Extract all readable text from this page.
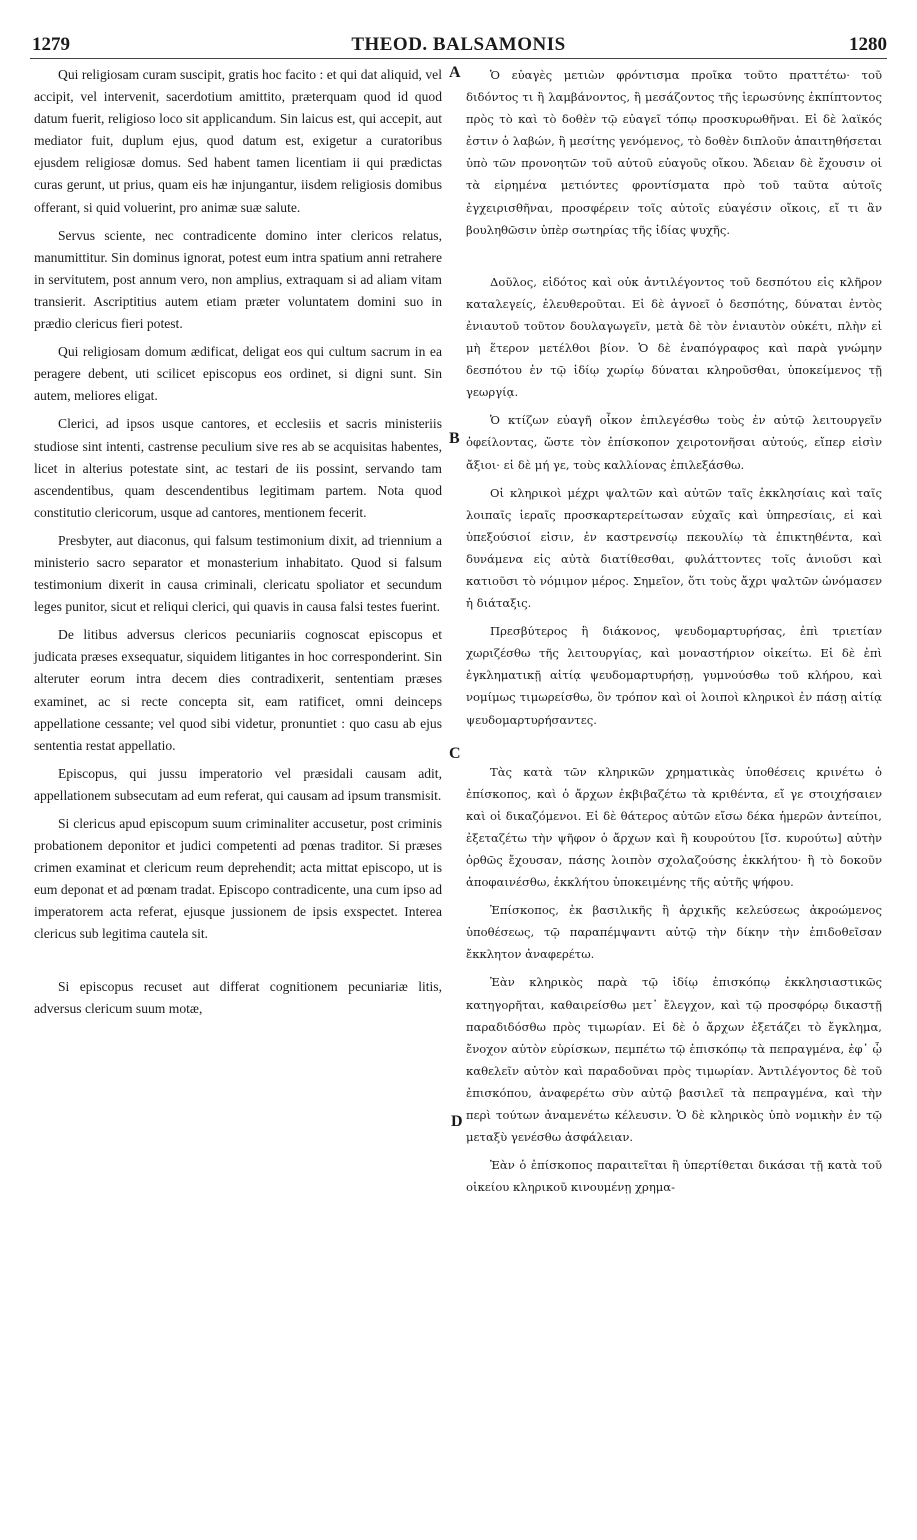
1279	THEOD. BALSAMONIS	1280
A
B
C
D

Qui religiosam curam suscipit, gratis hoc facito : et qui dat aliquid, vel accipit, vel intervenit, sacerdotium amittito, præterquam quod id quod datum fuerit, religioso loco sit applicandum. Sin laicus est, qui accepit, aut mediator fuit, duplum ejus, quod datum est, exigetur a curatoribus ejusdem religiosæ domus. Sed habent tamen licentiam ii qui prædictas curas gerunt, ut prius, quam eis hæ injungantur, iisdem religiosis domibus offerant, si quid voluerint, pro animæ suæ salute.

Servus sciente, nec contradicente domino inter clericos relatus, manumittitur. Sin dominus ignorat, potest eum intra spatium anni retrahere in servitutem, post annum vero, non amplius, extraquam si ad aliam vitam transierit. Ascriptitius autem etiam præter voluntatem domini suo in prædio clericus fieri potest.

Qui religiosam domum ædificat, deligat eos qui cultum sacrum in ea peragere debent, uti scilicet episcopus eos ordinet, si digni sunt. Sin autem, meliores eligat.

Clerici, ad ipsos usque cantores, et ecclesiis et sacris ministeriis studiose sint intenti, castrense peculium sive res ab se acquisitas habentes, licet in alterius potestate sint, ac testari de iis possint, servando tam ascendentibus, quam descendentibus legitimam partem. Nota quod constitutio clericorum, usque ad cantores, mentionem fecerit.

Presbyter, aut diaconus, qui falsum testimonium dixit, ad triennium a ministerio sacro separator et monasterium inhabitato. Quod si falsum testimonium dixerit in causa criminali, clericatu spoliator et secundum leges punitor, sicut et reliqui clerici, qui quavis in causa falsi testes fuerint.

De litibus adversus clericos pecuniariis cognoscat episcopus et judicata præses exsequatur, siquidem litigantes in hoc corresponderint. Sin alteruter eorum intra decem dies contradixerit, sententiam præses examinet, ac si recte concepta sit, eam ratificet, omni deinceps appellatione cessante; vel quod sibi videtur, pronuntiet : quo casu ab ejus sententia restat appellatio.

Episcopus, qui jussu imperatorio vel præsidali causam adit, appellationem subsecutam ad eum referat, qui causam ad ipsum transmisit.

Si clericus apud episcopum suum criminaliter accusetur, post criminis probationem deponitor et judici competenti ad pœnas traditor. Si præses crimen examinat et clericum reum deprehendit; acta mittat episcopo, ut is eum deponat et ad pœnam tradat. Episcopo contradicente, una cum ipso ad imperatorem acta referat, ejusque jussionem de ipsis exspectet. Interea clericus sub legitima cautela sit.

Si episcopus recuset aut differat cognitionem pecuniariæ litis, adversus clericum suum motæ,

Ὁ εὐαγὲς μετιὼν φρόντισμα προῖκα τοῦτο πραττέτω· τοῦ διδόντος τι ἢ λαμβάνοντος, ἢ μεσάζοντος τῆς ἱερωσύνης ἐκπίπτοντος πρὸς τὸ καὶ τὸ δοθὲν τῷ εὐαγεῖ τόπῳ προσκυρωθῆναι. Εἰ δὲ λαϊκός ἐστιν ὁ λαβών, ἢ μεσίτης γενόμενος, τὸ δοθὲν διπλοῦν ἀπαιτηθήσεται ὑπὸ τῶν προνοητῶν τοῦ αὐτοῦ εὐαγοῦς οἴκου. Ἄδειαν δὲ ἔχουσιν οἱ τὰ εἰρημένα μετιόντες φροντίσματα πρὸ τοῦ ταῦτα αὐτοῖς ἐγχειρισθῆναι, προσφέρειν τοῖς αὐτοῖς εὐαγέσιν οἴκοις, εἴ τι ἂν βουληθῶσιν ὑπὲρ σωτηρίας τῆς ἰδίας ψυχῆς.

Δοῦλος, εἰδότος καὶ οὐκ ἀντιλέγοντος τοῦ δεσπότου εἰς κλῆρον καταλεγείς, ἐλευθεροῦται. Εἰ δὲ ἀγνοεῖ ὁ δεσπότης, δύναται ἐντὸς ἐνιαυτοῦ τοῦτον δουλαγωγεῖν, μετὰ δὲ τὸν ἐνιαυτὸν οὐκέτι, πλὴν εἰ μὴ ἕτερον μετέλθοι βίον. Ὁ δὲ ἐναπόγραφος καὶ παρὰ γνώμην δεσπότου ἐν τῷ ἰδίῳ χωρίῳ δύναται κληροῦσθαι, ὑποκείμενος τῇ γεωργίᾳ.

Ὁ κτίζων εὐαγῆ οἶκον ἐπιλεγέσθω τοὺς ἐν αὐτῷ λειτουργεῖν ὀφείλοντας, ὥστε τὸν ἐπίσκοπον χειροτονῆσαι αὐτούς, εἴπερ εἰσὶν ἄξιοι· εἰ δὲ μή γε, τοὺς καλλίονας ἐπιλεξάσθω.

Οἱ κληρικοὶ μέχρι ψαλτῶν καὶ αὐτῶν ταῖς ἐκκλησίαις καὶ ταῖς λοιπαῖς ἱεραῖς προσκαρτερείτωσαν εὐχαῖς καὶ ὑπηρεσίαις, εἰ καὶ ὑπεξούσιοί εἰσιν, ἐν καστρενσίῳ πεκουλίῳ τὰ ἐπικτηθέντα, καὶ δυνάμενα εἰς αὐτὰ διατίθεσθαι, φυλάττοντες τοῖς ἀνιοῦσι καὶ κατιοῦσι τὸ νόμιμον μέρος. Σημεῖον, ὅτι τοὺς ἄχρι ψαλτῶν ὠνόμασεν ἡ διάταξις.

Πρεσβύτερος ἢ διάκονος, ψευδομαρτυρήσας, ἐπὶ τριετίαν χωριζέσθω τῆς λειτουργίας, καὶ μοναστήριον οἰκείτω. Εἰ δὲ ἐπὶ ἐγκληματικῇ αἰτίᾳ ψευδομαρτυρήσῃ, γυμνούσθω τοῦ κλήρου, καὶ νομίμως τιμωρείσθω, ὃν τρόπον καὶ οἱ λοιποὶ κληρικοὶ ἐν πάσῃ αἰτίᾳ ψευδομαρτυρήσαντες.

Τὰς κατὰ τῶν κληρικῶν χρηματικὰς ὑποθέσεις κρινέτω ὁ ἐπίσκοπος, καὶ ὁ ἄρχων ἐκβιβαζέτω τὰ κριθέντα, εἴ γε στοιχήσαιεν καὶ οἱ δικαζόμενοι. Εἰ δὲ θάτερος αὐτῶν εἴσω δέκα ἡμερῶν ἀντείποι, ἐξεταζέτω τὴν ψῆφον ὁ ἄρχων καὶ ἢ κουρούτου [ἴσ. κυρούτω] αὐτὴν ὀρθῶς ἔχουσαν, πάσης λοιπὸν σχολαζούσης ἐκκλήτου· ἢ τὸ δοκοῦν ἀποφαινέσθω, ἐκκλήτου ὑποκειμένης τῆς αὐτῆς ψήφου.

Ἐπίσκοπος, ἐκ βασιλικῆς ἢ ἀρχικῆς κελεύσεως ἀκροώμενος ὑποθέσεως, τῷ παραπέμψαντι αὐτῷ τὴν δίκην τὴν ἐπιδοθεῖσαν ἔκκλητον ἀναφερέτω.

Ἐὰν κληρικὸς παρὰ τῷ ἰδίῳ ἐπισκόπῳ ἐκκλησιαστικῶς κατηγορῆται, καθαιρείσθω μετ᾽ ἔλεγχον, καὶ τῷ προσφόρῳ δικαστῇ παραδιδόσθω πρὸς τιμωρίαν. Εἰ δὲ ὁ ἄρχων ἐξετάζει τὸ ἔγκλημα, ἔνοχον αὐτὸν εὑρίσκων, πεμπέτω τῷ ἐπισκόπῳ τὰ πεπραγμένα, ἐφ᾽ ᾧ καθελεῖν αὐτὸν καὶ παραδοῦναι πρὸς τιμωρίαν. Ἀντιλέγοντος δὲ τοῦ ἐπισκόπου, ἀναφερέτω σὺν αὐτῷ βασιλεῖ τὰ πεπραγμένα, καὶ τὴν περὶ τούτων ἀναμενέτω κέλευσιν. Ὁ δὲ κληρικὸς ὑπὸ νομικὴν ἐν τῷ μεταξὺ γενέσθω ἀσφάλειαν.

Ἐὰν ὁ ἐπίσκοπος παραιτεῖται ἢ ὑπερτίθεται δικάσαι τῇ κατὰ τοῦ οἰκείου κληρικοῦ κινουμένῃ χρημα-
